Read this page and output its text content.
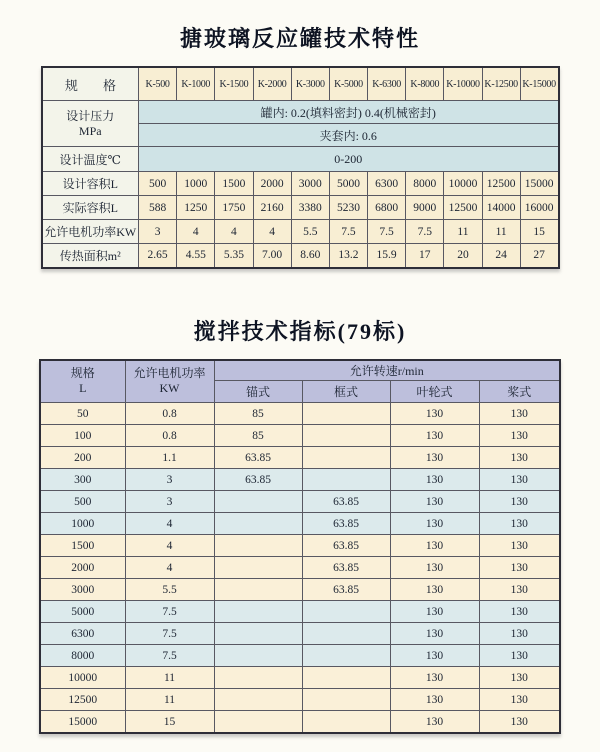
搪玻璃反应罐技术特性
规　　格	K-500	K-1000	K-1500	K-2000	K-3000	K-5000	K-6300	K-8000	K-10000	K-12500	K-15000

设计压力
MPa	罐内: 0.2(填料密封) 0.4(机械密封)										
	夹套内: 0.6										
设计温度℃	0-200										
设计容积L	500	1000	1500	2000	3000	5000	6300	8000	10000	12500	15000
实际容积L	588	1250	1750	2160	3380	5230	6800	9000	12500	14000	16000
允许电机功率KW	3	4	4	4	5.5	7.5	7.5	7.5	11	11	15
传热面积m²	2.65	4.55	5.35	7.00	8.60	13.2	15.9	17	20	24	27
搅拌技术指标(79标)
规格
L

允许电机功率
KW
	允许转速r/min
		锚式	框式	叶轮式	桨式
50	0.8	85		130	130
100	0.8	85		130	130
200	1.1	63.85		130	130
300	3	63.85		130	130
500	3		63.85	130	130
1000	4		63.85	130	130
1500	4		63.85	130	130
2000	4		63.85	130	130
3000	5.5		63.85	130	130
5000	7.5			130	130
6300	7.5			130	130
8000	7.5			130	130
10000	11			130	130
12500	11			130	130
15000	15			130	130
